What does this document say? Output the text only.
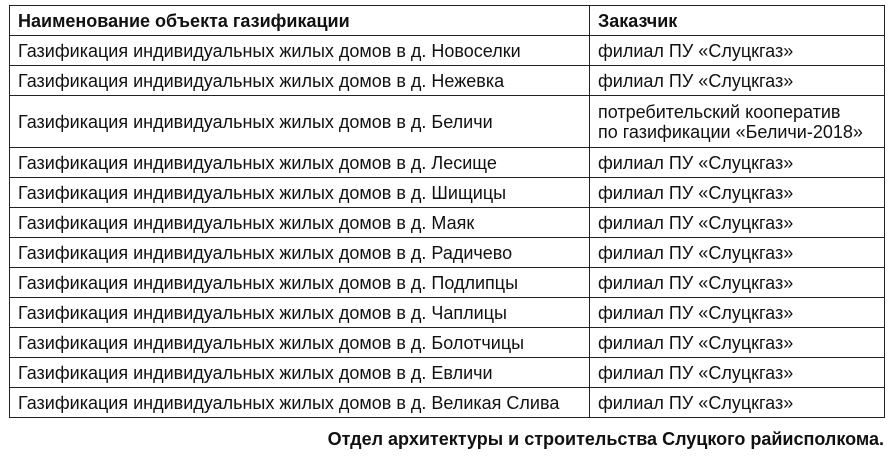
Наименование объекта газификации	Заказчик
Газификация индивидуальных жилых домов в д. Новоселки	филиал ПУ «Слуцкгаз»

Газификация индивидуальных жилых домов в д. Нежевка	филиал ПУ «Слуцкгаз»

Газификация индивидуальных жилых домов в д. Беличи	потребительский кооператив
по газификации «Беличи-2018»

Газификация индивидуальных жилых домов в д. Лесище	филиал ПУ «Слуцкгаз»

Газификация индивидуальных жилых домов в д. Шищицы	филиал ПУ «Слуцкгаз»

Газификация индивидуальных жилых домов в д. Маяк	филиал ПУ «Слуцкгаз»

Газификация индивидуальных жилых домов в д. Радичево	филиал ПУ «Слуцкгаз»

Газификация индивидуальных жилых домов в д. Подлипцы	филиал ПУ «Слуцкгаз»

Газификация индивидуальных жилых домов в д. Чаплицы	филиал ПУ «Слуцкгаз»

Газификация индивидуальных жилых домов в д. Болотчицы	филиал ПУ «Слуцкгаз»

Газификация индивидуальных жилых домов в д. Евличи	филиал ПУ «Слуцкгаз»

Газификация индивидуальных жилых домов в д. Великая Слива	филиал ПУ «Слуцкгаз»
Отдел архитектуры и строительства Слуцкого райисполкома.
